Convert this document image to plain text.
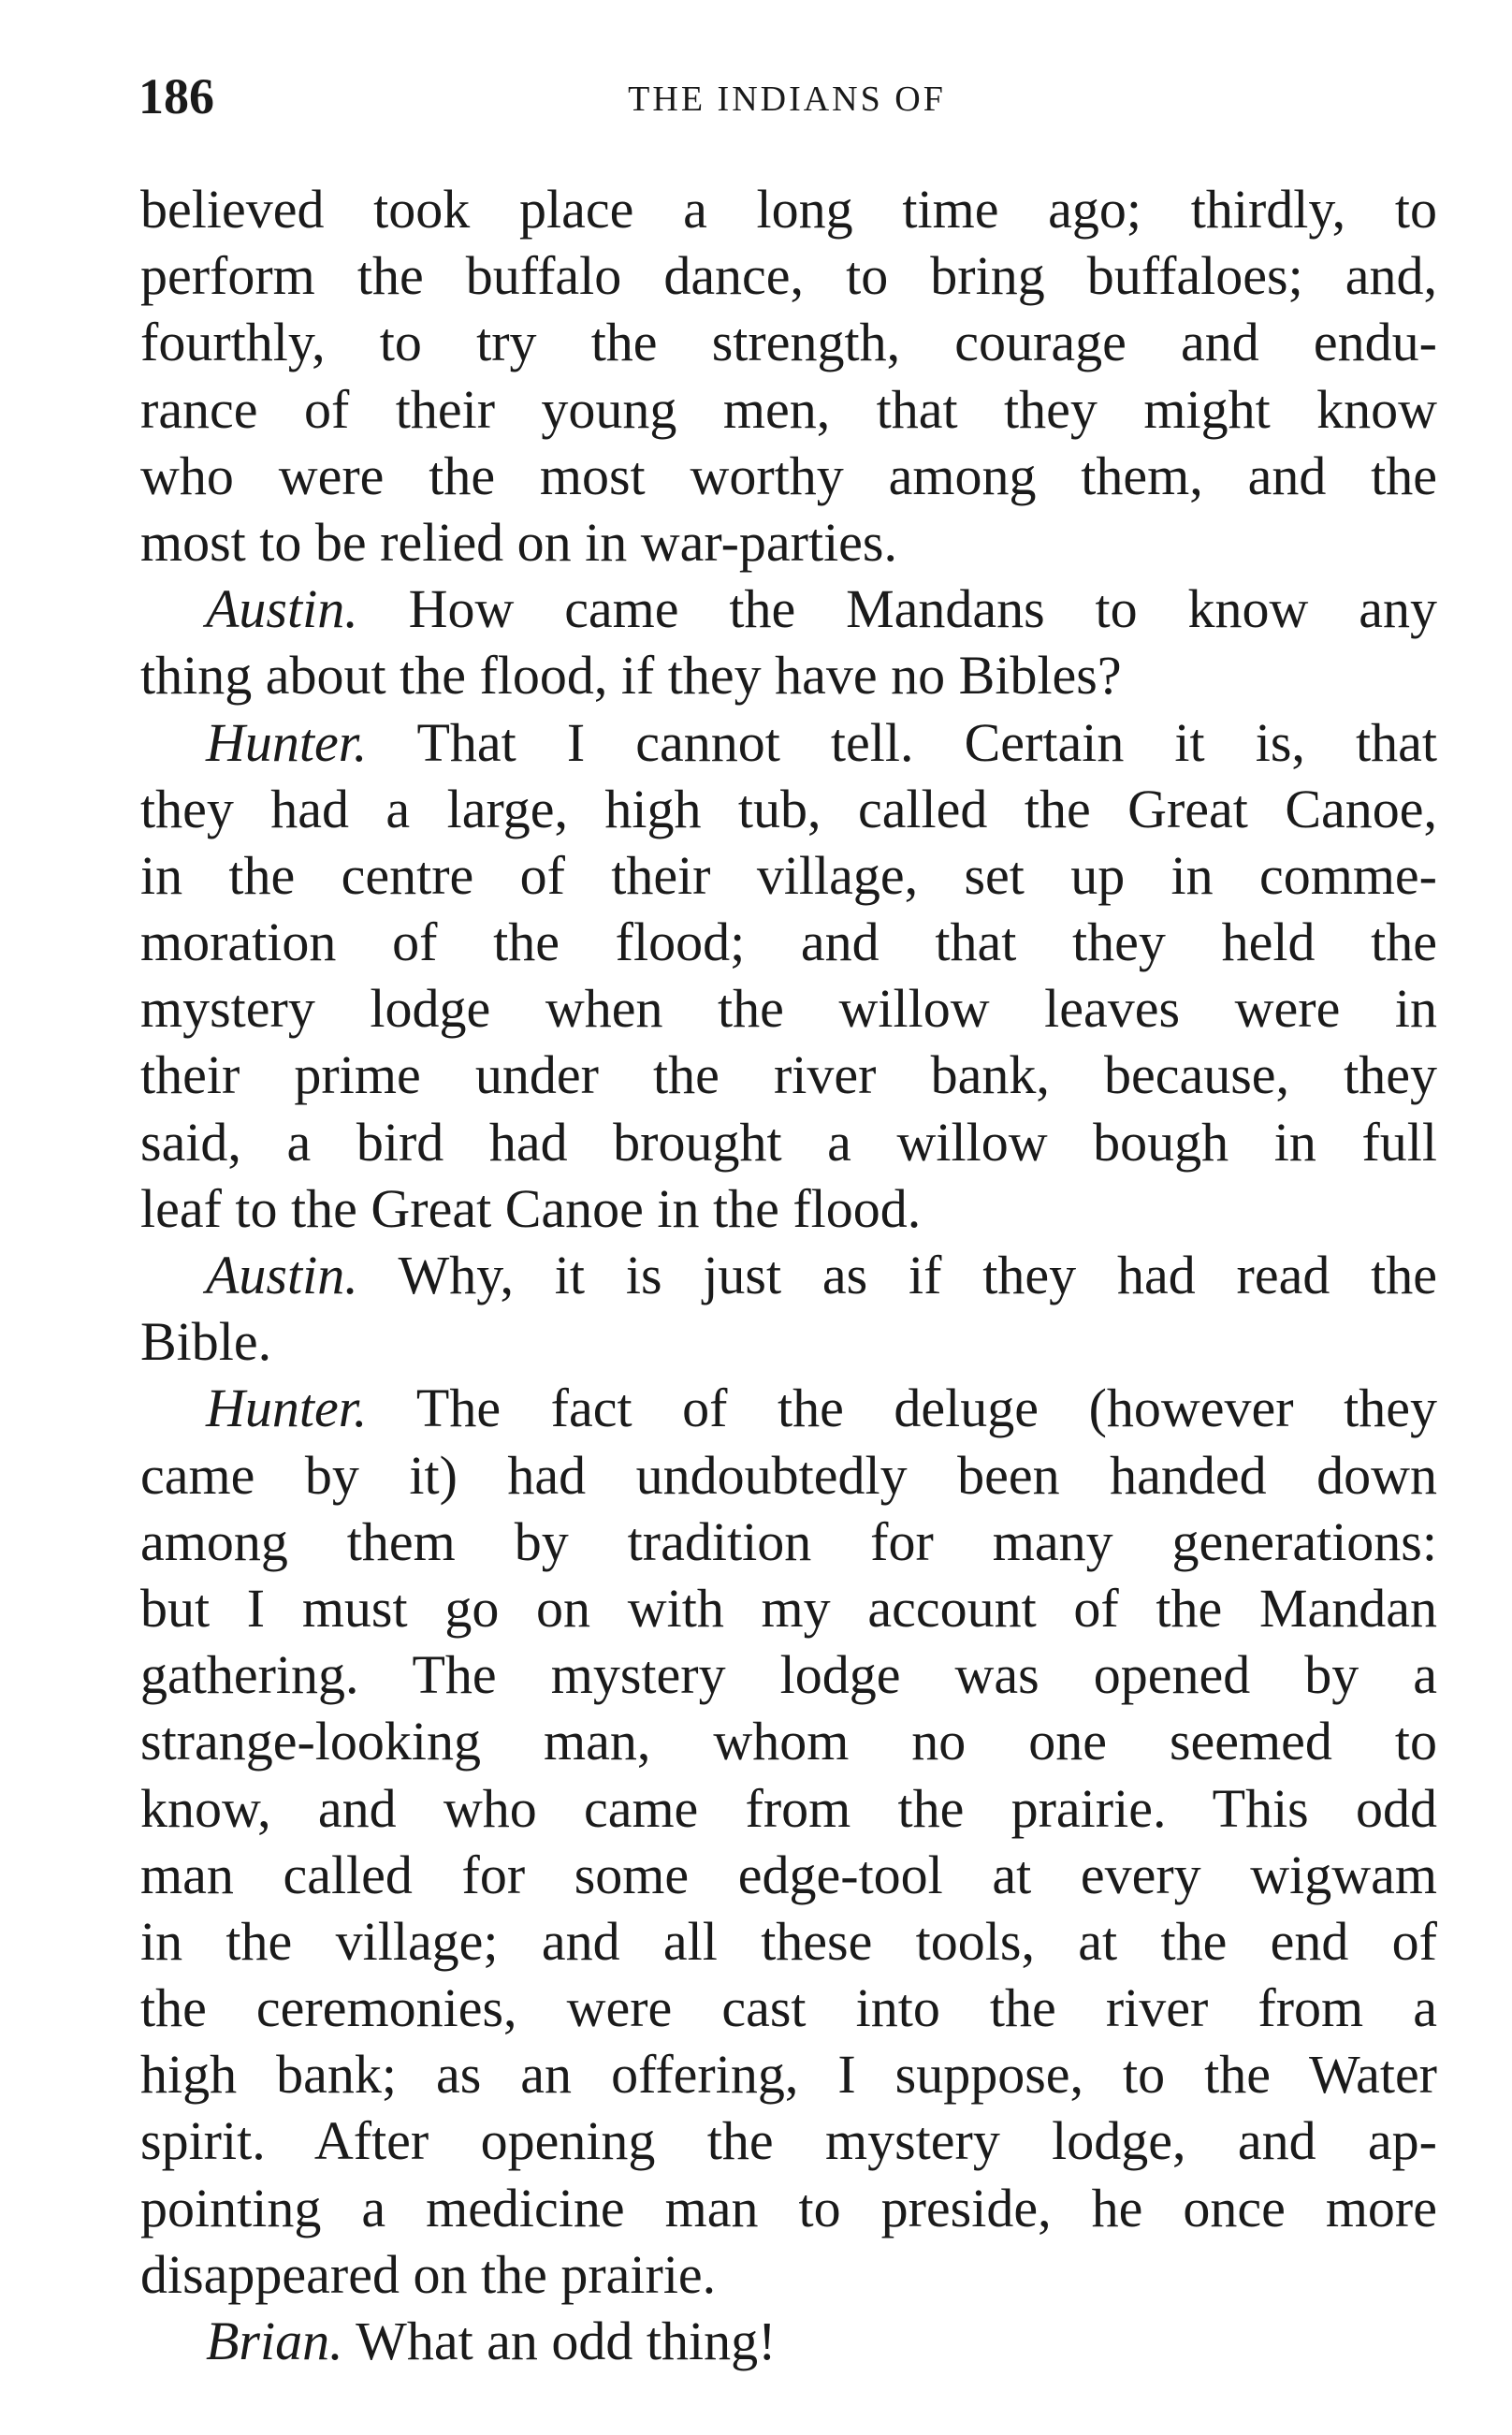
186	THE INDIANS OF
believed took place a long time ago; thirdly, to
perform the buffalo dance, to bring buffaloes; and,
fourthly, to try the strength, courage and endu-
rance of their young men, that they might know
who were the most worthy among them, and the
most to be relied on in war-parties.
Austin. How came the Mandans to know any
thing about the flood, if they have no Bibles?
Hunter. That I cannot tell. Certain it is, that
they had a large, high tub, called the Great Canoe,
in the centre of their village, set up in comme-
moration of the flood; and that they held the
mystery lodge when the willow leaves were in
their prime under the river bank, because, they
said, a bird had brought a willow bough in full
leaf to the Great Canoe in the flood.
Austin. Why, it is just as if they had read the
Bible.
Hunter. The fact of the deluge (however they
came by it) had undoubtedly been handed down
among them by tradition for many generations:
but I must go on with my account of the Mandan
gathering. The mystery lodge was opened by a
strange-looking man, whom no one seemed to
know, and who came from the prairie. This odd
man called for some edge-tool at every wigwam
in the village; and all these tools, at the end of
the ceremonies, were cast into the river from a
high bank; as an offering, I suppose, to the Water
spirit. After opening the mystery lodge, and ap-
pointing a medicine man to preside, he once more
disappeared on the prairie.
Brian. What an odd thing!
